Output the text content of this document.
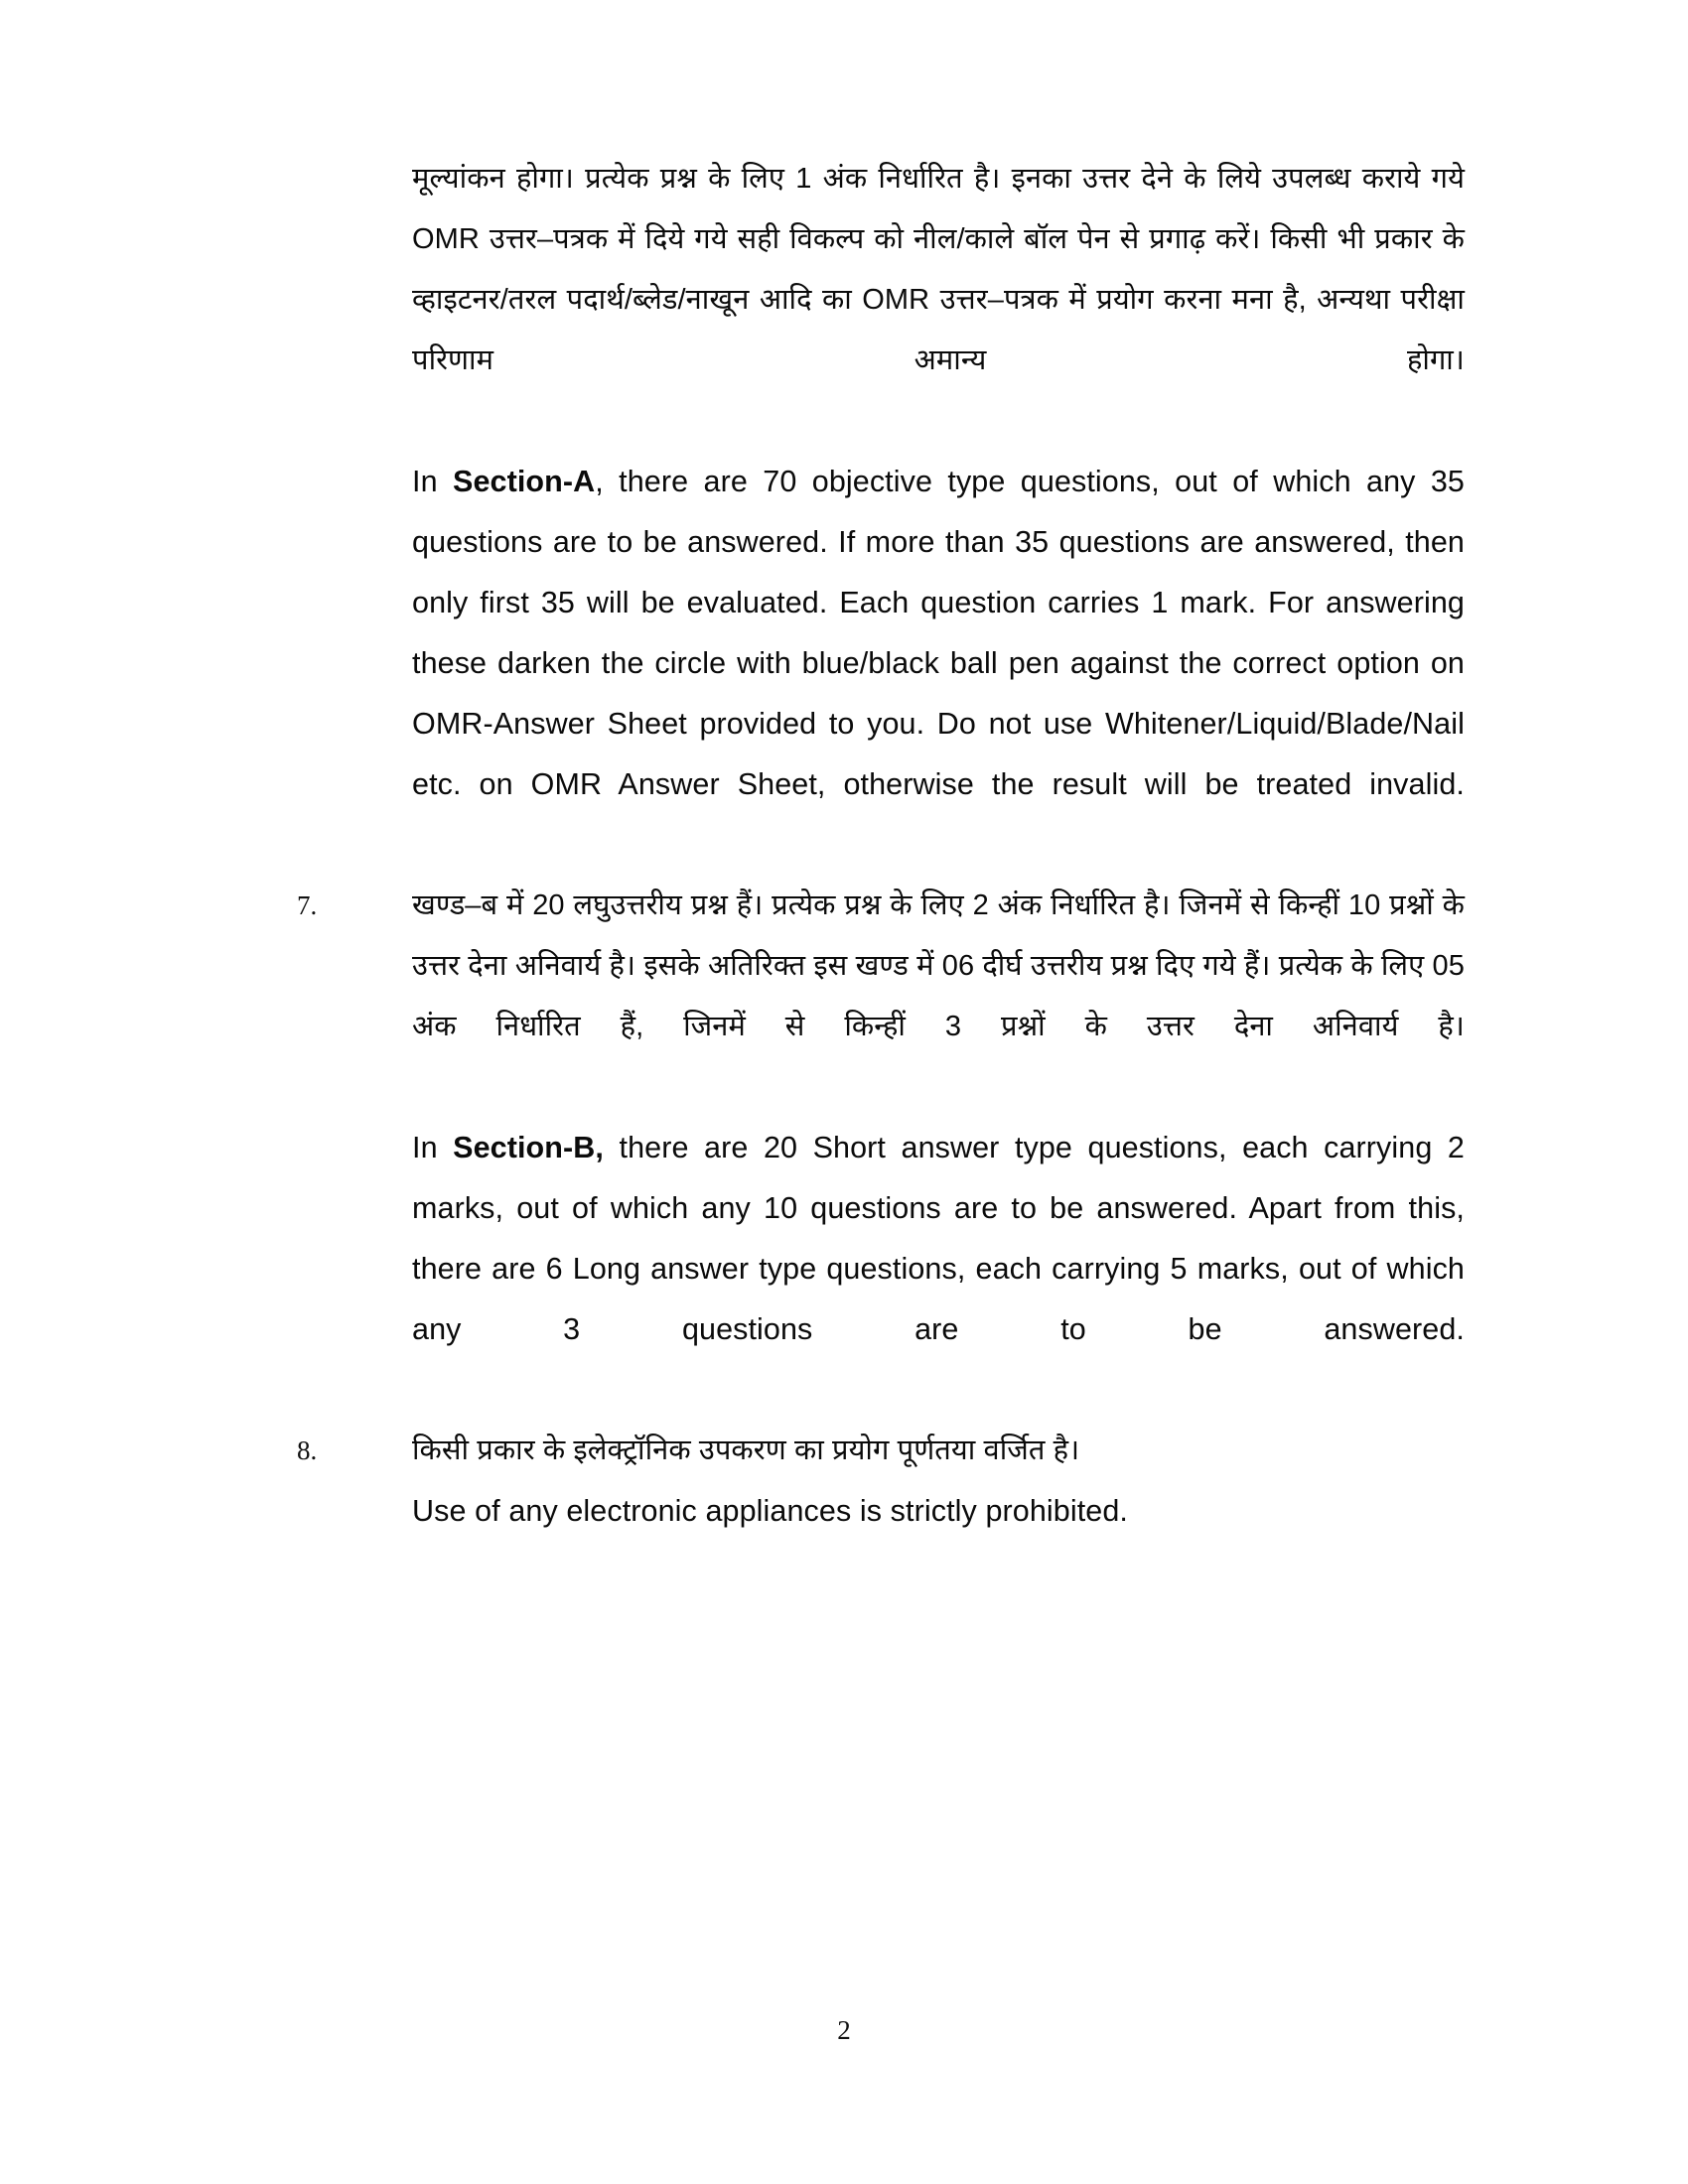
मूल्यांकन होगा। प्रत्येक प्रश्न के लिए 1 अंक निर्धारित है। इनका उत्तर देने के लिये उपलब्ध कराये गये OMR उत्तर–पत्रक में दिये गये सही विकल्प को नील/काले बॉल पेन से प्रगाढ़ करें। किसी भी प्रकार के व्हाइटनर/तरल पदार्थ/ब्लेड/नाखून आदि का OMR उत्तर–पत्रक में प्रयोग करना मना है, अन्यथा परीक्षा परिणाम अमान्य होगा।

In Section-A, there are 70 objective type questions, out of which any 35 questions are to be answered. If more than 35 questions are answered, then only first 35 will be evaluated. Each question carries 1 mark. For answering these darken the circle with blue/black ball pen against the correct option on OMR-Answer Sheet provided to you. Do not use Whitener/Liquid/Blade/Nail etc. on OMR Answer Sheet, otherwise the result will be treated invalid.

7.	खण्ड–ब में 20 लघुउत्तरीय प्रश्न हैं। प्रत्येक प्रश्न के लिए 2 अंक निर्धारित है। जिनमें से किन्हीं 10 प्रश्नों के उत्तर देना अनिवार्य है। इसके अतिरिक्त इस खण्ड में 06 दीर्घ उत्तरीय प्रश्न दिए गये हैं। प्रत्येक के लिए 05 अंक निर्धारित हैं, जिनमें से किन्हीं 3 प्रश्नों के उत्तर देना अनिवार्य है।

In Section-B, there are 20 Short answer type questions, each carrying 2 marks, out of which any 10 questions are to be answered. Apart from this, there are 6 Long answer type questions, each carrying 5 marks, out of which any 3 questions are to be answered.

8.	किसी प्रकार के इलेक्ट्रॉनिक उपकरण का प्रयोग पूर्णतया वर्जित है।

Use of any electronic appliances is strictly prohibited.

2
